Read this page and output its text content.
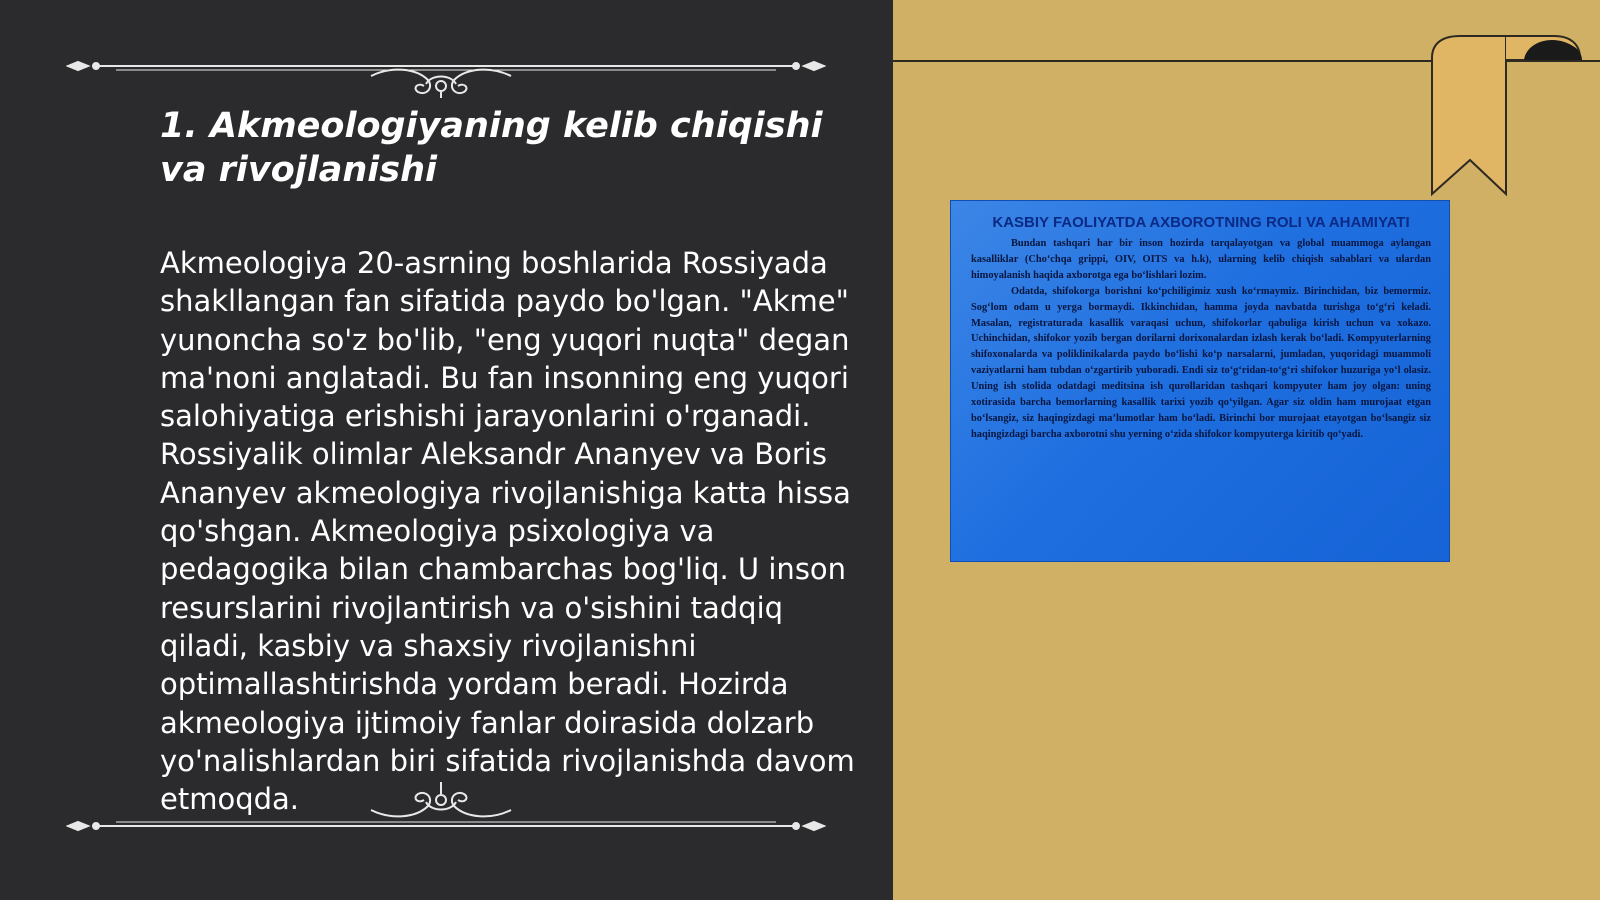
1. Akmeologiyaning kelib chiqishi va rivojlanishi

Akmeologiya 20-asrning boshlarida Rossiyada shakllangan fan sifatida paydo bo'lgan. "Akme" yunoncha so'z bo'lib, "eng yuqori nuqta" degan ma'noni anglatadi. Bu fan insonning eng yuqori salohiyatiga erishishi jarayonlarini o'rganadi. Rossiyalik olimlar Aleksandr Ananyev va Boris Ananyev akmeologiya rivojlanishiga katta hissa qo'shgan. Akmeologiya psixologiya va pedagogika bilan chambarchas bog'liq. U inson resurslarini rivojlantirish va o'sishini tadqiq qiladi, kasbiy va shaxsiy rivojlanishni optimallashtirishda yordam beradi. Hozirda akmeologiya ijtimoiy fanlar doirasida dolzarb yo'nalishlardan biri sifatida rivojlanishda davom etmoqda.

KASBIY FAOLIYATDA AXBOROTNING ROLI VA AHAMIYATI

Bundan tashqari har bir inson hozirda tarqalayotgan va global muammoga aylangan kasalliklar (Cho‘chqa grippi, OIV, OITS va h.k), ularning kelib chiqish sabablari va ulardan himoyalanish haqida axborotga ega bo‘lishlari lozim.

Odatda, shifokorga borishni ko‘pchiligimiz xush ko‘rmaymiz. Birinchidan, biz bemormiz. Sog‘lom odam u yerga bormaydi. Ikkinchidan, hamma joyda navbatda turishga to‘g‘ri keladi. Masalan, registraturada kasallik varaqasi uchun, shifokorlar qabuliga kirish uchun va xokazo. Uchinchidan, shifokor yozib bergan dorilarni dorixonalardan izlash kerak bo‘ladi. Kompyuterlarning shifoxonalarda va poliklinikalarda paydo bo‘lishi ko‘p narsalarni, jumladan, yuqoridagi muammoli vaziyatlarni ham tubdan o‘zgartirib yuboradi. Endi siz to‘g‘ridan-to‘g‘ri shifokor huzuriga yo‘l olasiz. Uning ish stolida odatdagi meditsina ish qurollaridan tashqari kompyuter ham joy olgan: uning xotirasida barcha bemorlarning kasallik tarixi yozib qo‘yilgan. Agar siz oldin ham murojaat etgan bo‘lsangiz, siz haqingizdagi ma’lumotlar ham bo‘ladi. Birinchi bor murojaat etayotgan bo‘lsangiz siz haqingizdagi barcha axborotni shu yerning o‘zida shifokor kompyuterga kiritib qo‘yadi.
